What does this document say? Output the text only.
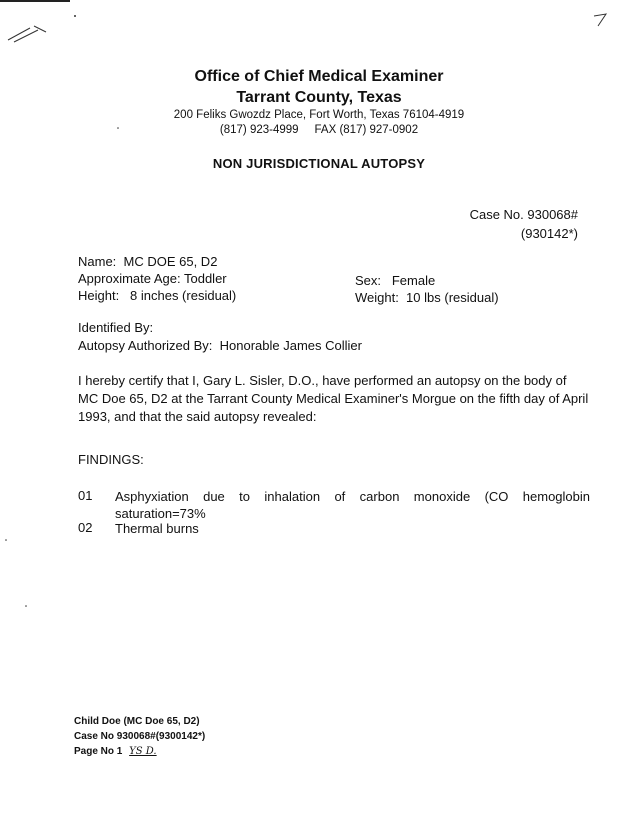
Office of Chief Medical Examiner
Tarrant County, Texas
200 Feliks Gwozdz Place, Fort Worth, Texas 76104-4919
(817) 923-4999     FAX (817) 927-0902
NON JURISDICTIONAL AUTOPSY
Case No. 930068#
(930142*)
Name:  MC DOE 65, D2
Approximate Age: Toddler
Height:   8 inches (residual)
Sex:   Female
Weight:  10 lbs (residual)
Identified By:
Autopsy Authorized By:  Honorable James Collier
I hereby certify that I, Gary L. Sisler, D.O., have performed an autopsy on the body of MC Doe 65, D2 at the Tarrant County Medical Examiner's Morgue on the fifth day of April 1993, and that the said autopsy revealed:
FINDINGS:
01 Asphyxiation due to inhalation of carbon monoxide (CO hemoglobin saturation=73%
02 Thermal burns
Child Doe (MC Doe 65, D2)
Case No 930068#(9300142*)
Page No 1 YS D.
